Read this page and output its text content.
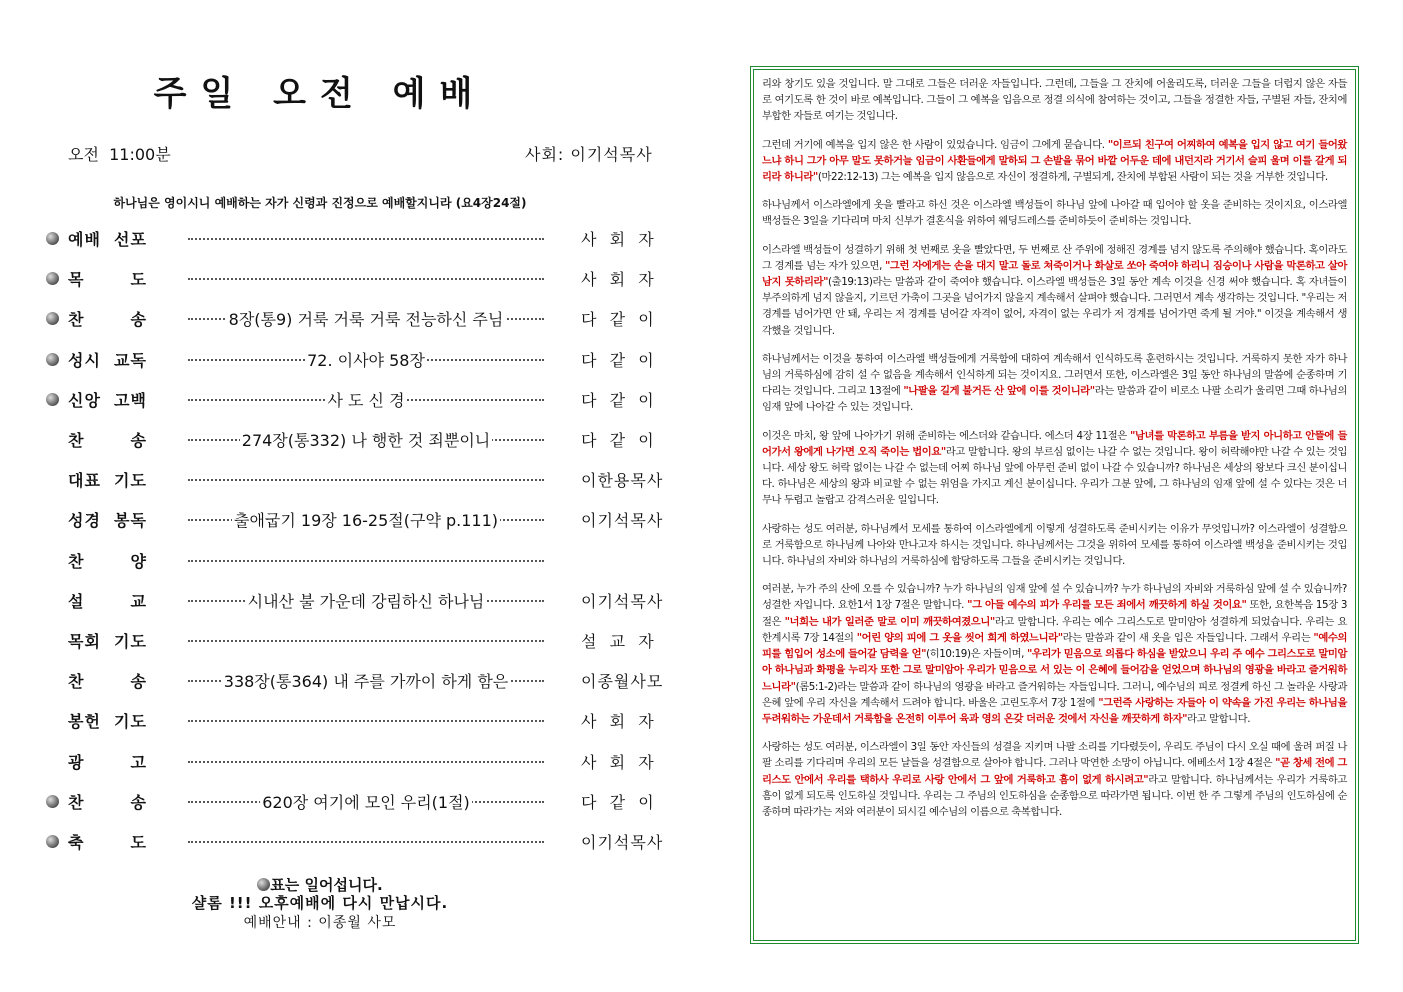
주일 오전 예배
오전  11:00분	사회: 이기석목사
하나님은 영이시니 예배하는 자가 신령과 진정으로 예배할지니라 (요4장24절)
예배  선포	사  회  자
목       도	사  회  자
찬       송	8장(통9) 거룩 거룩 거룩 전능하신 주님	다  같  이
성시  교독	72. 이사야 58장	다  같  이
신앙  고백	사 도 신 경	다  같  이
찬       송	274장(통332) 나 행한 것 죄뿐이니	다  같  이
대표  기도	이한용목사
성경  봉독	출애굽기 19장 16-25절(구약 p.111)	이기석목사
찬       양
설       교	시내산 불 가운데 강림하신 하나님	이기석목사
목회  기도	설  교  자
찬       송	338장(통364) 내 주를 가까이 하게 함은	이종월사모
봉헌  기도	사  회  자
광       고	사  회  자
찬       송	620장 여기에 모인 우리(1절)	다  같  이
축       도	이기석목사
표는 일어섭니다.
샬롬 !!! 오후예배에 다시 만납시다.
예배안내 : 이종월 사모

리와 창기도 있을 것입니다. 말 그대로 그들은 더러운 자들입니다. 그런데, 그들을 그 잔치에 어울리도록, 더러운 그들을 더럽지 않은 자들로 여기도록 한 것이 바로 예복입니다. 그들이 그 예복을 입음으로 정결 의식에 참여하는 것이고, 그들을 정결한 자들, 구별된 자들, 잔치에 부합한 자들로 여기는 것입니다.

그런데 거기에 예복을 입지 않은 한 사람이 있었습니다. 임금이 그에게 묻습니다. "이르되 친구여 어찌하여 예복을 입지 않고 여기 들어왔느냐 하니 그가 아무 말도 못하거늘 임금이 사환들에게 말하되 그 손발을 묶어 바깥 어두운 데에 내던지라 거기서 슬피 울며 이를 갈게 되리라 하니라"(마22:12-13) 그는 예복을 입지 않음으로 자신이 정결하게, 구별되게, 잔치에 부합된 사람이 되는 것을 거부한 것입니다.

하나님께서 이스라엘에게 옷을 빨라고 하신 것은 이스라엘 백성들이 하나님 앞에 나아갈 때 입어야 할 옷을 준비하는 것이지요, 이스라엘 백성들은 3일을 기다리며 마치 신부가 결혼식을 위하여 웨딩드레스를 준비하듯이 준비하는 것입니다.

이스라엘 백성들이 성결하기 위해 첫 번째로 옷을 빨았다면, 두 번째로 산 주위에 정해진 경계를 넘지 않도록 주의해야 했습니다. 혹이라도 그 경계를 넘는 자가 있으면, "그런 자에게는 손을 대지 말고 돌로 쳐죽이거나 화살로 쏘아 죽여야 하리니 짐승이나 사람을 막론하고 살아남지 못하리라"(출19:13)라는 말씀과 같이 죽여야 했습니다. 이스라엘 백성들은 3일 동안 계속 이것을 신경 써야 했습니다. 혹 자녀들이 부주의하게 넘지 않을지, 기르던 가축이 그곳을 넘어가지 않을지 계속해서 살펴야 했습니다. 그러면서 계속 생각하는 것입니다. "우리는 저 경계를 넘어가면 안 돼, 우리는 저 경계를 넘어갈 자격이 없어, 자격이 없는 우리가 저 경계를 넘어가면 죽게 될 거야." 이것을 계속해서 생각했을 것입니다.

하나님께서는 이것을 통하여 이스라엘 백성들에게 거룩함에 대하여 계속해서 인식하도록 훈련하시는 것입니다. 거룩하지 못한 자가 하나님의 거룩하심에 감히 설 수 없음을 계속해서 인식하게 되는 것이지요. 그러면서 또한, 이스라엘은 3일 동안 하나님의 말씀에 순종하며 기다리는 것입니다. 그리고 13절에 "나팔을 길게 불거든 산 앞에 이를 것이니라"라는 말씀과 같이 비로소 나팔 소리가 울리면 그때 하나님의 임재 앞에 나아갈 수 있는 것입니다.

이것은 마치, 왕 앞에 나아가기 위해 준비하는 에스더와 같습니다. 에스더 4장 11절은 "남녀를 막론하고 부름을 받지 아니하고 안뜰에 들어가서 왕에게 나가면 오직 죽이는 법이요"라고 말합니다. 왕의 부르심 없이는 나갈 수 없는 것입니다. 왕이 허락해야만 나갈 수 있는 것입니다. 세상 왕도 허락 없이는 나갈 수 없는데 어찌 하나님 앞에 아무런 준비 없이 나갈 수 있습니까? 하나님은 세상의 왕보다 크신 분이십니다. 하나님은 세상의 왕과 비교할 수 없는 위엄을 가지고 계신 분이십니다. 우리가 그분 앞에, 그 하나님의 임재 앞에 설 수 있다는 것은 너무나 두렵고 놀랍고 감격스러운 일입니다.

사랑하는 성도 여러분, 하나님께서 모세를 통하여 이스라엘에게 이렇게 성결하도록 준비시키는 이유가 무엇입니까? 이스라엘이 성결함으로 거룩함으로 하나님께 나아와 만나고자 하시는 것입니다. 하나님께서는 그것을 위하여 모세를 통하여 이스라엘 백성을 준비시키는 것입니다. 하나님의 자비와 하나님의 거룩하심에 합당하도록 그들을 준비시키는 것입니다.

여러분, 누가 주의 산에 오를 수 있습니까? 누가 하나님의 임재 앞에 설 수 있습니까? 누가 하나님의 자비와 거룩하심 앞에 설 수 있습니까? 성결한 자입니다. 요한1서 1장 7절은 말합니다. "그 아들 예수의 피가 우리를 모든 죄에서 깨끗하게 하실 것이요" 또한, 요한복음 15장 3절은 "너희는 내가 일러준 말로 이미 깨끗하여졌으니"라고 말합니다. 우리는 예수 그리스도로 말미암아 성결하게 되었습니다. 우리는 요한계시록 7장 14절의 "어린 양의 피에 그 옷을 씻어 희게 하였느니라"라는 말씀과 같이 새 옷을 입은 자들입니다. 그래서 우리는 "예수의 피를 힘입어 성소에 들어갈 담력을 얻"(히10:19)은 자들이며, "우리가 믿음으로 의롭다 하심을 받았으니 우리 주 예수 그리스도로 말미암아 하나님과 화평을 누리자 또한 그로 말미암아 우리가 믿음으로 서 있는 이 은혜에 들어감을 얻었으며 하나님의 영광을 바라고 즐거워하느니라"(롬5:1-2)라는 말씀과 같이 하나님의 영광을 바라고 즐거워하는 자들입니다. 그러니, 예수님의 피로 정결케 하신 그 놀라운 사랑과 은혜 앞에 우리 자신을 계속해서 드려야 합니다. 바울은 고린도후서 7장 1절에 "그런즉 사랑하는 자들아 이 약속을 가진 우리는 하나님을 두려워하는 가운데서 거룩함을 온전히 이루어 육과 영의 온갖 더러운 것에서 자신을 깨끗하게 하자"라고 말합니다.

사랑하는 성도 여러분, 이스라엘이 3일 동안 자신들의 성결을 지키며 나팔 소리를 기다렸듯이, 우리도 주님이 다시 오실 때에 울려 퍼질 나팔 소리를 기다리며 우리의 모든 날들을 성결함으로 살아야 합니다. 그러나 막연한 소망이 아닙니다. 에베소서 1장 4절은 "곧 창세 전에 그리스도 안에서 우리를 택하사 우리로 사랑 안에서 그 앞에 거룩하고 흠이 없게 하시려고"라고 말합니다. 하나님께서는 우리가 거룩하고 흠이 없게 되도록 인도하실 것입니다. 우리는 그 주님의 인도하심을 순종함으로 따라가면 됩니다. 이번 한 주 그렇게 주님의 인도하심에 순종하며 따라가는 저와 여러분이 되시길 예수님의 이름으로 축복합니다.
